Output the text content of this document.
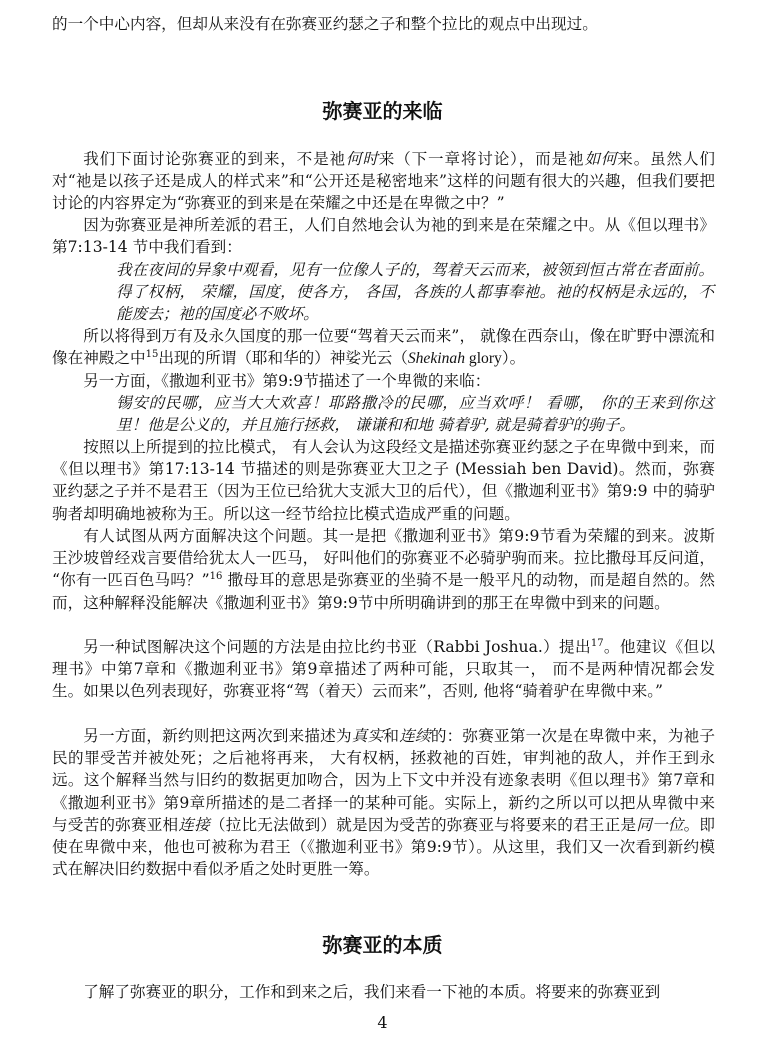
的一个中心内容，但却从来没有在弥赛亚约瑟之子和整个拉比的观点中出现过。

弥赛亚的来临

我们下面讨论弥赛亚的到来，不是祂何时来（下一章将讨论），而是祂如何来。虽然人们对“祂是以孩子还是成人的样式来”和“公开还是秘密地来”这样的问题有很大的兴趣，但我们要把讨论的内容界定为“弥赛亚的到来是在荣耀之中还是在卑微之中？”

因为弥赛亚是神所差派的君王，人们自然地会认为祂的到来是在荣耀之中。从《但以理书》第7:13-14 节中我们看到：

我在夜间的异象中观看，见有一位像人子的，驾着天云而来，被领到恒古常在者面前。得了权柄， 荣耀，国度，使各方， 各国，各族的人都事奉祂。祂的权柄是永远的，不能废去；祂的国度必不败坏。

所以将得到万有及永久国度的那一位要“驾着天云而来”， 就像在西奈山，像在旷野中漂流和像在神殿之中$^{15}$出现的所谓（耶和华的）神娑光云（Shekinah glory）。

另一方面，《撒迦利亚书》第9:9节描述了一个卑微的来临：

锡安的民哪，应当大大欢喜！耶路撒冷的民哪，应当欢呼！ 看哪， 你的王来到你这里！他是公义的，并且施行拯救， 谦谦和和地 骑着驴, 就是骑着驴的驹子。

按照以上所提到的拉比模式， 有人会认为这段经文是描述弥赛亚约瑟之子在卑微中到来，而《但以理书》第17:13-14 节描述的则是弥赛亚大卫之子 (Messiah ben David)。然而，弥赛亚约瑟之子并不是君王（因为王位已给犹大支派大卫的后代），但《撒迦利亚书》第9:9 中的骑驴驹者却明确地被称为王。所以这一经节给拉比模式造成严重的问题。

有人试图从两方面解决这个问题。其一是把《撒迦利亚书》第9:9节看为荣耀的到来。波斯王沙坡曾经戏言要借给犹太人一匹马， 好叫他们的弥赛亚不必骑驴驹而来。拉比撒母耳反问道， “你有一匹百色马吗？”$^{16}$ 撒母耳的意思是弥赛亚的坐骑不是一般平凡的动物，而是超自然的。然而，这种解释没能解决《撒迦利亚书》第9:9节中所明确讲到的那王在卑微中到来的问题。

另一种试图解决这个问题的方法是由拉比约书亚（Rabbi Joshua.）提出$^{17}$。他建议《但以理书》中第7章和《撒迦利亚书》第9章描述了两种可能，只取其一， 而不是两种情况都会发生。如果以色列表现好，弥赛亚将“驾（着天）云而来”，否则, 他将“骑着驴在卑微中来。”

另一方面，新约则把这两次到来描述为真实和连续的：弥赛亚第一次是在卑微中来，为祂子民的罪受苦并被处死；之后祂将再来， 大有权柄，拯救祂的百姓，审判祂的敌人，并作王到永远。这个解释当然与旧约的数据更加吻合，因为上下文中并没有迹象表明《但以理书》第7章和《撒迦利亚书》第9章所描述的是二者择一的某种可能。实际上，新约之所以可以把从卑微中来与受苦的弥赛亚相连接（拉比无法做到）就是因为受苦的弥赛亚与将要来的君王正是同一位。即使在卑微中来，他也可被称为君王（《撒迦利亚书》第9:9节）。从这里，我们又一次看到新约模式在解决旧约数据中看似矛盾之处时更胜一筹。

弥赛亚的本质

了解了弥赛亚的职分，工作和到来之后，我们来看一下祂的本质。将要来的弥赛亚到

4
